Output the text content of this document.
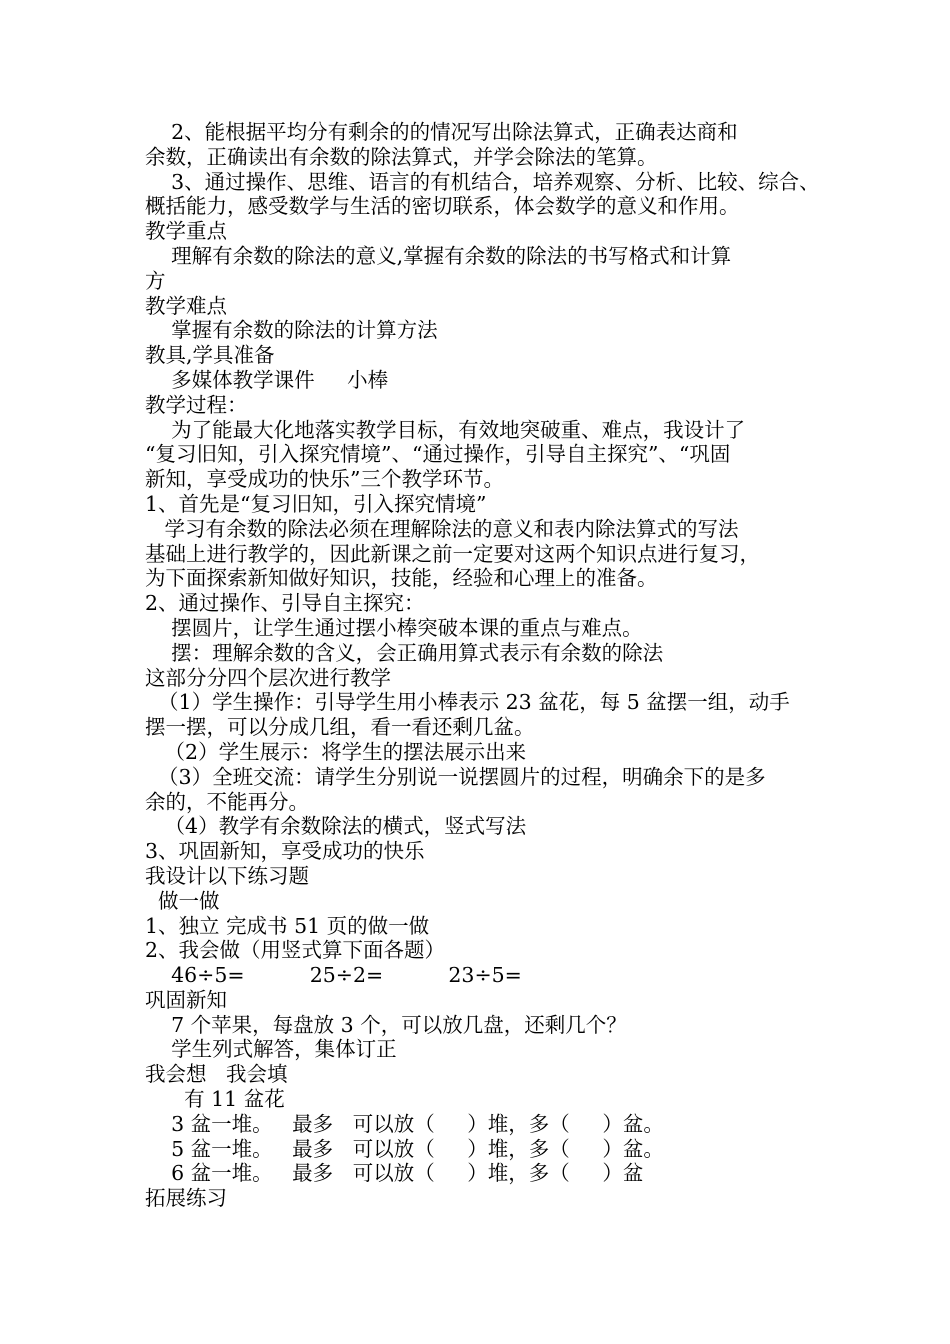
2、能根据平均分有剩余的的情况写出除法算式，正确表达商和
余数，正确读出有余数的除法算式，并学会除法的笔算。
3、通过操作、思维、语言的有机结合，培养观察、分析、比较、综合、
概括能力，感受数学与生活的密切联系，体会数学的意义和作用。
教学重点
理解有余数的除法的意义,掌握有余数的除法的书写格式和计算
方
教学难点
掌握有余数的除法的计算方法
教具,学具准备
多媒体教学课件     小棒
教学过程：
为了能最大化地落实教学目标，有效地突破重、难点，我设计了
“复习旧知，引入探究情境”、“通过操作，引导自主探究”、“巩固
新知，享受成功的快乐”三个教学环节。
1、首先是“复习旧知，引入探究情境”
学习有余数的除法必须在理解除法的意义和表内除法算式的写法
基础上进行教学的，因此新课之前一定要对这两个知识点进行复习，
为下面探索新知做好知识，技能，经验和心理上的准备。
2、通过操作、引导自主探究：
摆圆片，让学生通过摆小棒突破本课的重点与难点。
摆：理解余数的含义，会正确用算式表示有余数的除法
这部分分四个层次进行教学
（1）学生操作：引导学生用小棒表示 23 盆花，每 5 盆摆一组，动手
摆一摆，可以分成几组，看一看还剩几盆。
（2）学生展示：将学生的摆法展示出来
（3）全班交流：请学生分别说一说摆圆片的过程，明确余下的是多
余的，不能再分。
（4）教学有余数除法的横式，竖式写法
3、巩固新知，享受成功的快乐
我设计以下练习题
做一做
1、独立 完成书 51 页的做一做
2、我会做（用竖式算下面各题）
46÷5=          25÷2=          23÷5=
巩固新知
7 个苹果，每盘放 3 个，可以放几盘，还剩几个？
学生列式解答，集体订正
我会想   我会填
有 11 盆花
3 盆一堆。   最多   可以放（     ）堆，多（     ）盆。
5 盆一堆。   最多   可以放（     ）堆，多（     ）盆。
6 盆一堆。   最多   可以放（     ）堆，多（     ）盆
拓展练习
